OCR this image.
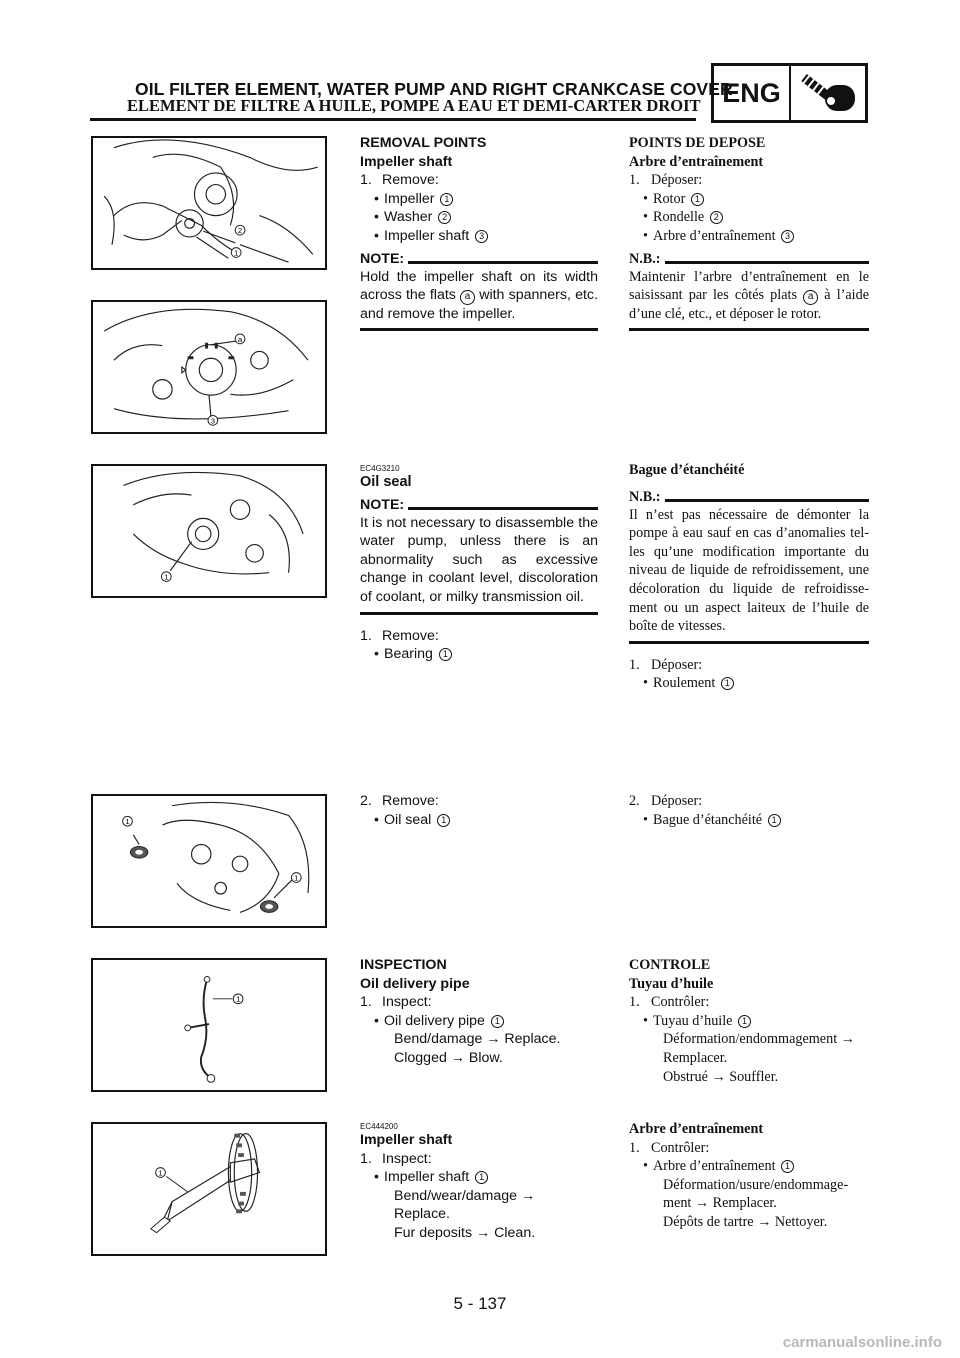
OIL FILTER ELEMENT, WATER PUMP AND RIGHT CRANKCASE COVER
ELEMENT DE FILTRE A HUILE, POMPE A EAU ET DEMI-CARTER DROIT ENG
2
1
a
3
1
1
1
1
1
REMOVAL POINTS
Impeller shaft
1. Remove:
• Impeller 1
• Washer 2
• Impeller shaft 3
NOTE:
Hold the impeller shaft on its width across the flats a with spanners, etc. and remove the impeller.
POINTS DE DEPOSE
Arbre d’entraînement
1. Déposer:
• Rotor 1
• Rondelle 2
• Arbre d’entraînement 3
N.B.:
Maintenir l’arbre d’entraînement en le saisissant par les côtés plats a à l’aide d’une clé, etc., et déposer le rotor.
EC4G3210
Oil seal
NOTE:
It is not necessary to disassemble the water pump, unless there is an abnormality such as excessive change in coolant level, discoloration of coolant, or milky transmission oil.
1. Remove:
• Bearing 1
Bague d’étanchéité
N.B.:
Il n’est pas nécessaire de démonter la pompe à eau sauf en cas d’anomalies tel- les qu’une modification importante du niveau de liquide de refroidissement, une décoloration du liquide de refroidisse- ment ou un aspect laiteux de l’huile de boîte de vitesses.
1. Déposer:
• Roulement 1
2. Remove:
• Oil seal 1
2. Déposer:
• Bague d’étanchéité 1
INSPECTION
Oil delivery pipe
1. Inspect:
• Oil delivery pipe 1
Bend/damage → Replace.
Clogged → Blow.
CONTROLE
Tuyau d’huile
1. Contrôler:
• Tuyau d’huile 1
Déformation/endommagement →
Remplacer.
Obstrué → Souffler.
EC444200
Impeller shaft
1. Inspect:
• Impeller shaft 1
Bend/wear/damage →
Replace.
Fur deposits → Clean.
Arbre d’entraînement
1. Contrôler:
• Arbre d’entraînement 1
Déformation/usure/endommage-
ment → Remplacer.
Dépôts de tartre → Nettoyer.
5 - 137
carmanualsonline.info
